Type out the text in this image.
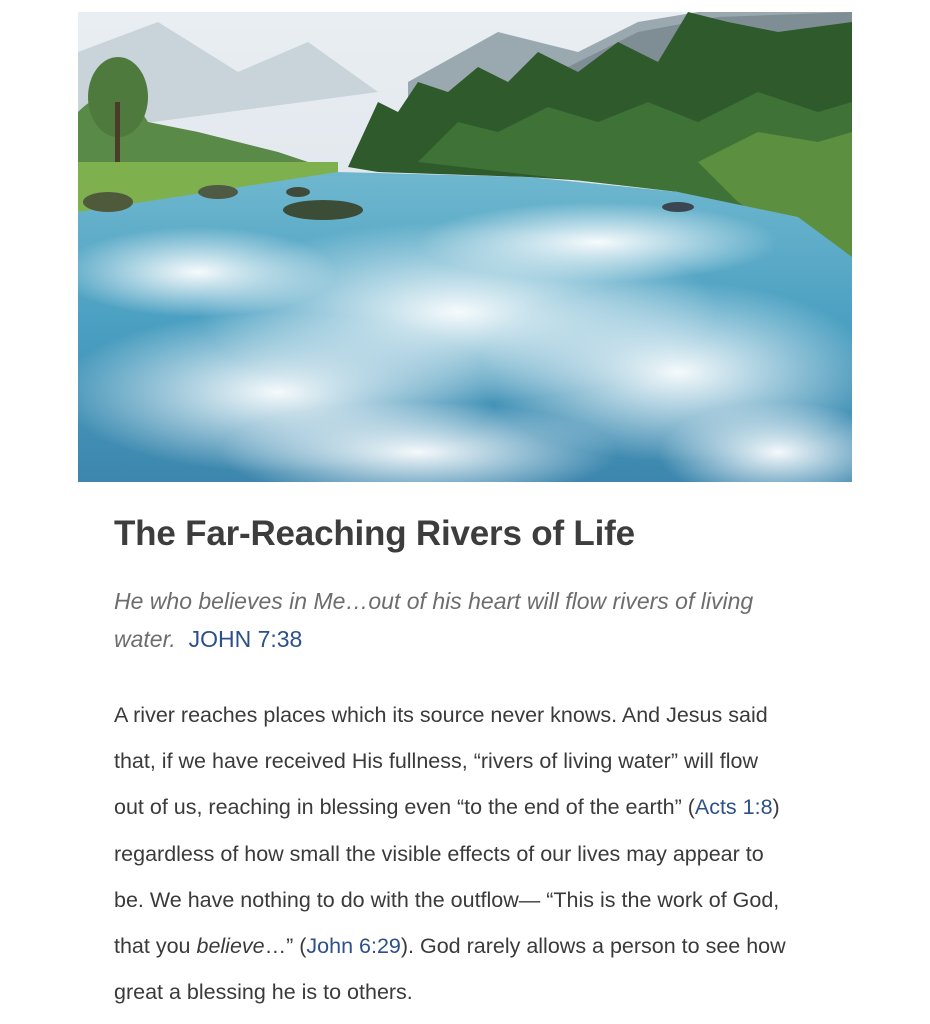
The Far-Reaching Rivers of Life
He who believes in Me…out of his heart will flow rivers of living
water. JOHN 7:38
A river reaches places which its source never knows. And Jesus said
that, if we have received His fullness, “rivers of living water” will flow
out of us, reaching in blessing even “to the end of the earth” (Acts 1:8)
regardless of how small the visible effects of our lives may appear to
be. We have nothing to do with the outflow— “This is the work of God,
that you believe…” (John 6:29). God rarely allows a person to see how
great a blessing he is to others.
